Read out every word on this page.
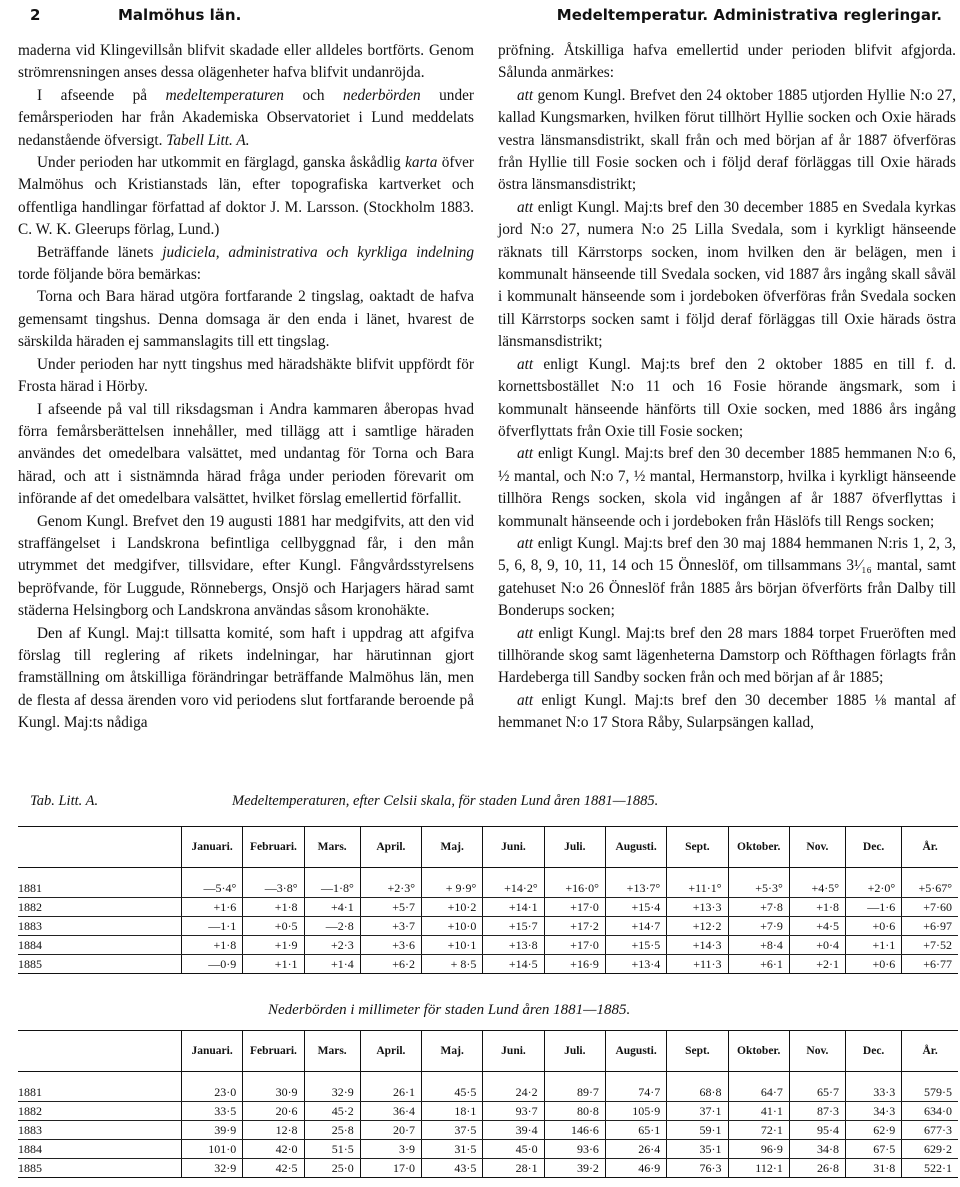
2	Malmöhus län.	Medeltemperatur. Administrativa regleringar.

maderna vid Klingevillsån blifvit skadade eller alldeles bortförts. Genom strömrensningen anses dessa olägenheter hafva blifvit undanröjda.

I afseende på medeltemperaturen och nederbörden under femårsperioden har från Akademiska Observatoriet i Lund meddelats nedanstående öfversigt. Tabell Litt. A.

Under perioden har utkommit en färglagd, ganska åskådlig karta öfver Malmöhus och Kristianstads län, efter topografiska kartverket och offentliga handlingar författad af doktor J. M. Larsson. (Stockholm 1883. C. W. K. Gleerups förlag, Lund.)

Beträffande länets judiciela, administrativa och kyrkliga indelning torde följande böra bemärkas:

Torna och Bara härad utgöra fortfarande 2 tingslag, oaktadt de hafva gemensamt tingshus. Denna domsaga är den enda i länet, hvarest de särskilda häraden ej sammanslagits till ett tingslag.

Under perioden har nytt tingshus med häradshäkte blifvit uppfördt för Frosta härad i Hörby.

I afseende på val till riksdagsman i Andra kammaren åberopas hvad förra femårsberättelsen innehåller, med tillägg att i samtlige häraden användes det omedelbara valsättet, med undantag för Torna och Bara härad, och att i sistnämnda härad fråga under perioden förevarit om införande af det omedelbara valsättet, hvilket förslag emellertid förfallit.

Genom Kungl. Brefvet den 19 augusti 1881 har medgifvits, att den vid straffängelset i Landskrona befintliga cellbyggnad får, i den mån utrymmet det medgifver, tillsvidare, efter Kungl. Fångvårdsstyrelsens bepröfvande, för Luggude, Rönnebergs, Onsjö och Harjagers härad samt städerna Helsingborg och Landskrona användas såsom kronohäkte.

Den af Kungl. Maj:t tillsatta komité, som haft i uppdrag att afgifva förslag till reglering af rikets indelningar, har härutinnan gjort framställning om åtskilliga förändringar beträffande Malmöhus län, men de flesta af dessa ärenden voro vid periodens slut fortfarande beroende på Kungl. Maj:ts nådiga

pröfning. Åtskilliga hafva emellertid under perioden blifvit afgjorda. Sålunda anmärkes:

att genom Kungl. Brefvet den 24 oktober 1885 utjorden Hyllie N:o 27, kallad Kungsmarken, hvilken förut tillhört Hyllie socken och Oxie härads vestra länsmansdistrikt, skall från och med början af år 1887 öfverföras från Hyllie till Fosie socken och i följd deraf förläggas till Oxie härads östra länsmansdistrikt;

att enligt Kungl. Maj:ts bref den 30 december 1885 en Svedala kyrkas jord N:o 27, numera N:o 25 Lilla Svedala, som i kyrkligt hänseende räknats till Kärrstorps socken, inom hvilken den är belägen, men i kommunalt hänseende till Svedala socken, vid 1887 års ingång skall såväl i kommunalt hänseende som i jordeboken öfverföras från Svedala socken till Kärrstorps socken samt i följd deraf förläggas till Oxie härads östra länsmansdistrikt;

att enligt Kungl. Maj:ts bref den 2 oktober 1885 en till f. d. kornettsbostället N:o 11 och 16 Fosie hörande ängsmark, som i kommunalt hänseende hänförts till Oxie socken, med 1886 års ingång öfverflyttats från Oxie till Fosie socken;

att enligt Kungl. Maj:ts bref den 30 december 1885 hemmanen N:o 6, ½ mantal, och N:o 7, ½ mantal, Hermanstorp, hvilka i kyrkligt hänseende tillhöra Rengs socken, skola vid ingången af år 1887 öfverflyttas i kommunalt hänseende och i jordeboken från Häslöfs till Rengs socken;

att enligt Kungl. Maj:ts bref den 30 maj 1884 hemmanen N:ris 1, 2, 3, 5, 6, 8, 9, 10, 11, 14 och 15 Önneslöf, om tillsammans 3¹⁄₁₆ mantal, samt gatehuset N:o 26 Önneslöf från 1885 års början öfverförts från Dalby till Bonderups socken;

att enligt Kungl. Maj:ts bref den 28 mars 1884 torpet Frueröften med tillhörande skog samt lägenheterna Damstorp och Röfthagen förlagts från Hardeberga till Sandby socken från och med början af år 1885;

att enligt Kungl. Maj:ts bref den 30 december 1885 ⅛ mantal af hemmanet N:o 17 Stora Råby, Sularpsängen kallad,

Tab. Litt. A.	Medeltemperaturen, efter Celsii skala, för staden Lund åren 1881—1885.
	Januari.	Februari.	Mars.	April.	Maj.	Juni.	Juli.	Augusti.	Sept.	Oktober.	Nov.	Dec.	År.

1881	—5·4°	—3·8°	—1·8°	+2·3°	+ 9·9°	+14·2°	+16·0°	+13·7°	+11·1°	+5·3°	+4·5°	+2·0°	+5·67°
1882	+1·6	+1·8	+4·1	+5·7	+10·2	+14·1	+17·0	+15·4	+13·3	+7·8	+1·8	—1·6	+7·60
1883	—1·1	+0·5	—2·8	+3·7	+10·0	+15·7	+17·2	+14·7	+12·2	+7·9	+4·5	+0·6	+6·97
1884	+1·8	+1·9	+2·3	+3·6	+10·1	+13·8	+17·0	+15·5	+14·3	+8·4	+0·4	+1·1	+7·52
1885	—0·9	+1·1	+1·4	+6·2	+ 8·5	+14·5	+16·9	+13·4	+11·3	+6·1	+2·1	+0·6	+6·77
Nederbörden i millimeter för staden Lund åren 1881—1885.
	Januari.	Februari.	Mars.	April.	Maj.	Juni.	Juli.	Augusti.	Sept.	Oktober.	Nov.	Dec.	År.

1881	23·0	30·9	32·9	26·1	45·5	24·2	89·7	74·7	68·8	64·7	65·7	33·3	579·5
1882	33·5	20·6	45·2	36·4	18·1	93·7	80·8	105·9	37·1	41·1	87·3	34·3	634·0
1883	39·9	12·8	25·8	20·7	37·5	39·4	146·6	65·1	59·1	72·1	95·4	62·9	677·3
1884	101·0	42·0	51·5	3·9	31·5	45·0	93·6	26·4	35·1	96·9	34·8	67·5	629·2
1885	32·9	42·5	25·0	17·0	43·5	28·1	39·2	46·9	76·3	112·1	26·8	31·8	522·1
